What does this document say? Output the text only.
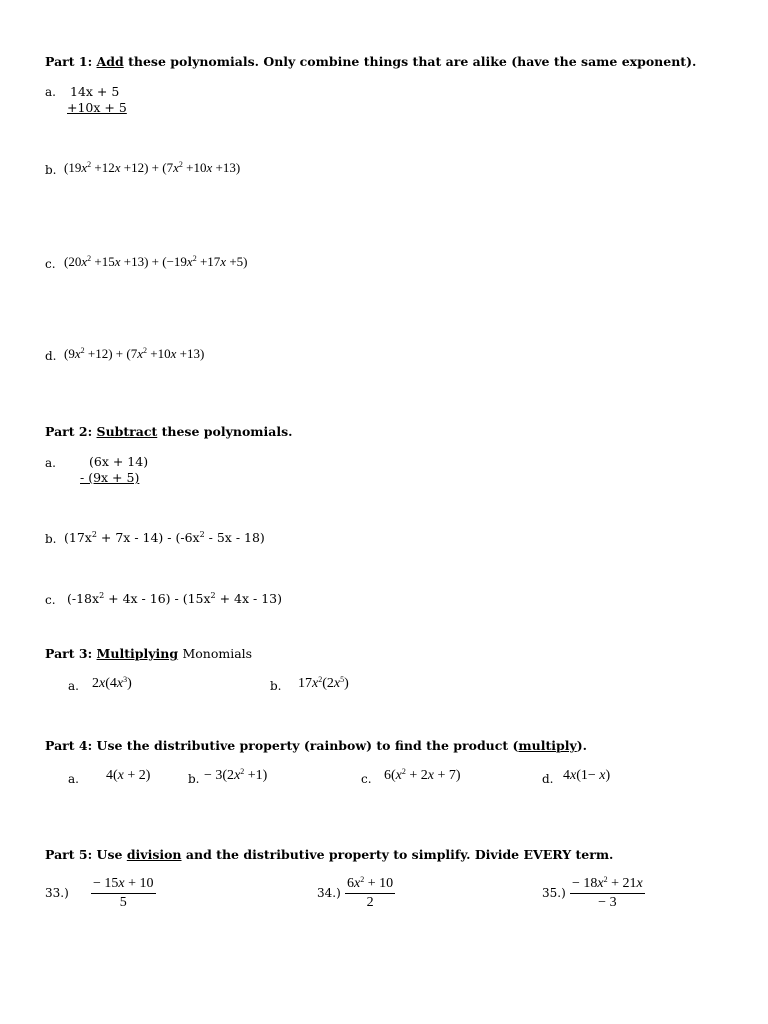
Part 1: Add these polynomials. Only combine things that are alike (have the same exponent).
a. 14x + 5
+10x + 5
b. $(19x^2 +12x +12) + (7x^2 +10x +13)$
c. $(20x^2 +15x +13) + (-19x^2 +17x +5)$
d. $(9x^2 +12) + (7x^2 +10x +13)$
Part 2: Subtract these polynomials.
a.	(6x + 14)
- (9x + 5)
b. $(17x^2 + 7x - 14) - (-6x^2 - 5x - 18)$
c. $(-18x^2 + 4x - 16) - (15x^2 + 4x - 13)$
Part 3: Multiplying Monomials
a. $2x(4x^3)$	b. $17x^2(2x^5)$
Part 4: Use the distributive property (rainbow) to find the product (multiply).
a. 4(x + 2)	b. − $3(2x^2 +1)$	c. $6(x^2 + 2x + 7)$	d. 4x(1− x)
Part 5: Use division and the distributive property to simplify. Divide EVERY term.
$33.) \frac{- 15x + 10}{5}$	$34.) \frac{6x^2 + 10}{2}$	$35.) \frac{- 18x^2 + 21x}{- 3}$
